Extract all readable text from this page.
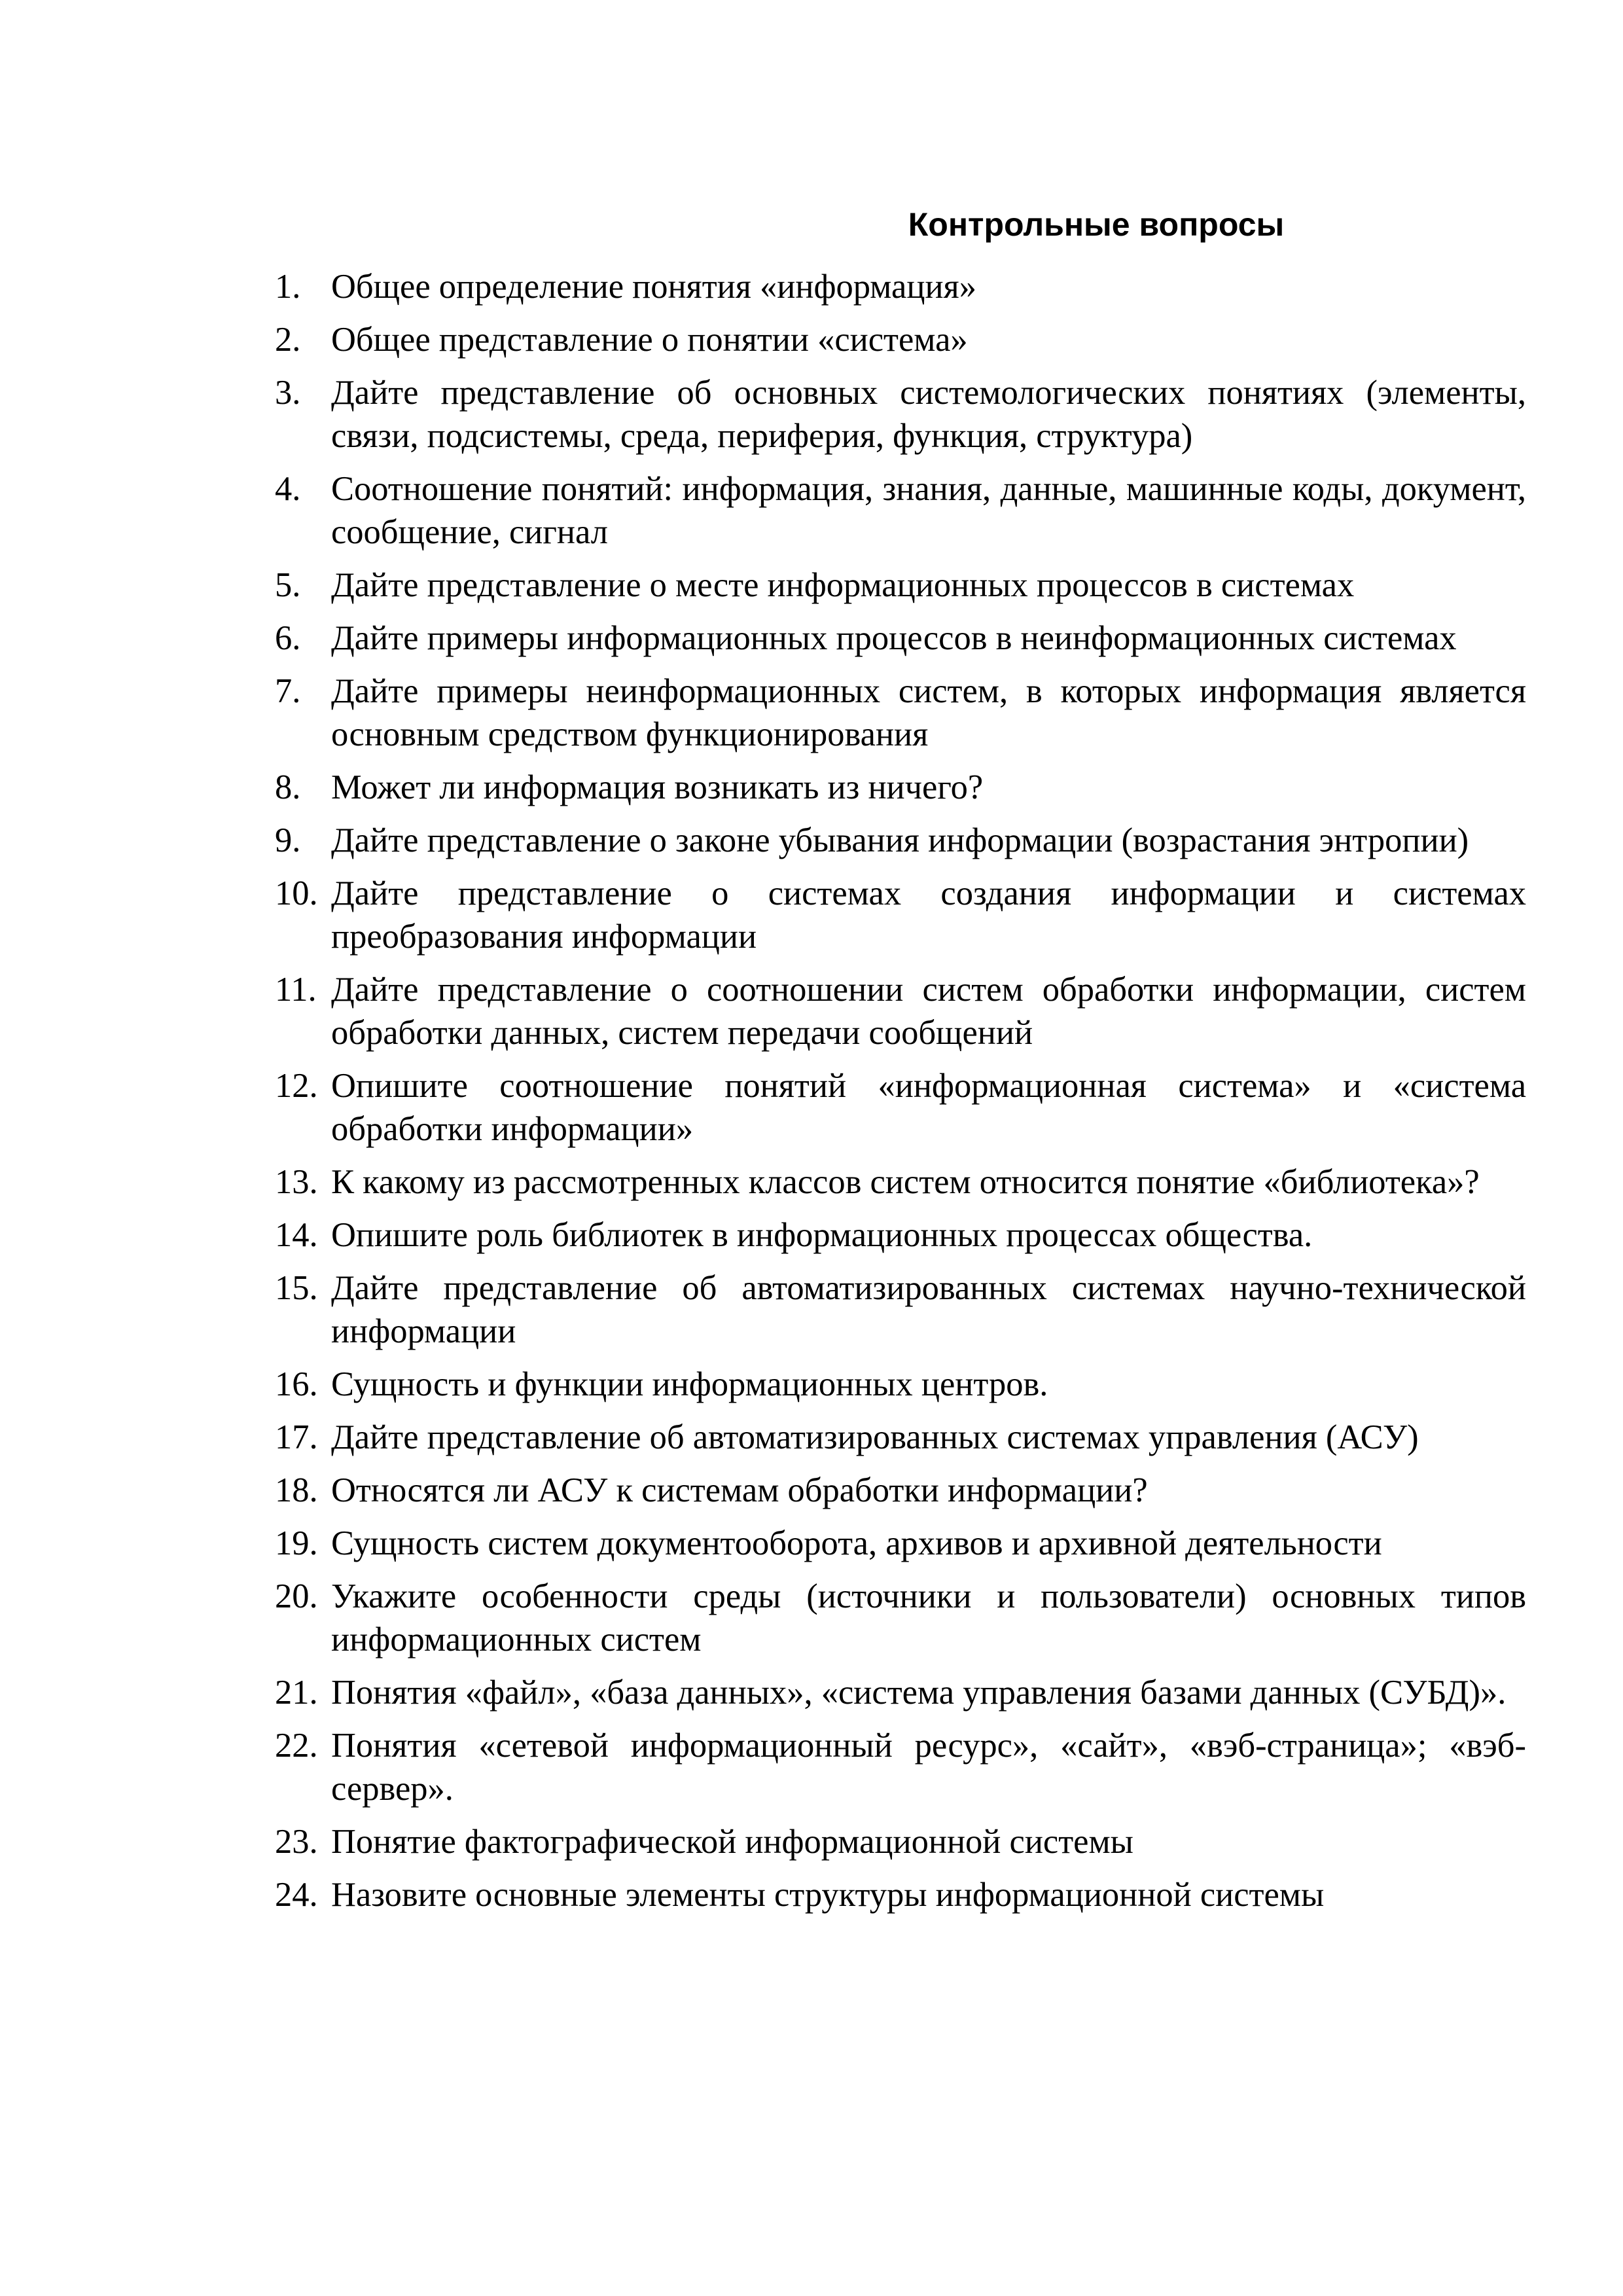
Контрольные вопросы
1. Общее определение понятия «информация»
2. Общее представление о понятии «система»
3. Дайте представление об основных системологических понятиях (элементы, связи, подсистемы, среда, периферия, функция, структура)
4. Соотношение понятий: информация, знания, данные, машинные коды, документ, сообщение, сигнал
5. Дайте представление о месте информационных процессов в системах
6. Дайте примеры информационных процессов в неинформационных системах
7. Дайте примеры неинформационных систем, в которых информация является основным средством функционирования
8. Может ли информация возникать из ничего?
9. Дайте представление о законе убывания информации (возрастания энтропии)
10. Дайте представление о системах создания информации и системах преобразования информации
11. Дайте представление о соотношении систем обработки информации, систем обработки данных, систем передачи сообщений
12. Опишите соотношение понятий «информационная система» и «система обработки информации»
13. К какому из рассмотренных классов систем относится понятие «библиотека»?
14. Опишите роль библиотек в информационных процессах общества.
15. Дайте представление об автоматизированных системах научно-технической информации
16. Сущность и функции информационных центров.
17. Дайте представление об автоматизированных системах управления (АСУ)
18. Относятся ли АСУ к системам обработки информации?
19. Сущность систем документооборота, архивов и архивной деятельности
20. Укажите особенности среды (источники и пользователи) основных типов информационных систем
21. Понятия «файл», «база данных», «система управления базами данных (СУБД)».
22. Понятия «сетевой информационный ресурс», «сайт», «вэб-страница»; «вэб-сервер».
23. Понятие фактографической информационной системы
24. Назовите основные элементы структуры информационной системы
